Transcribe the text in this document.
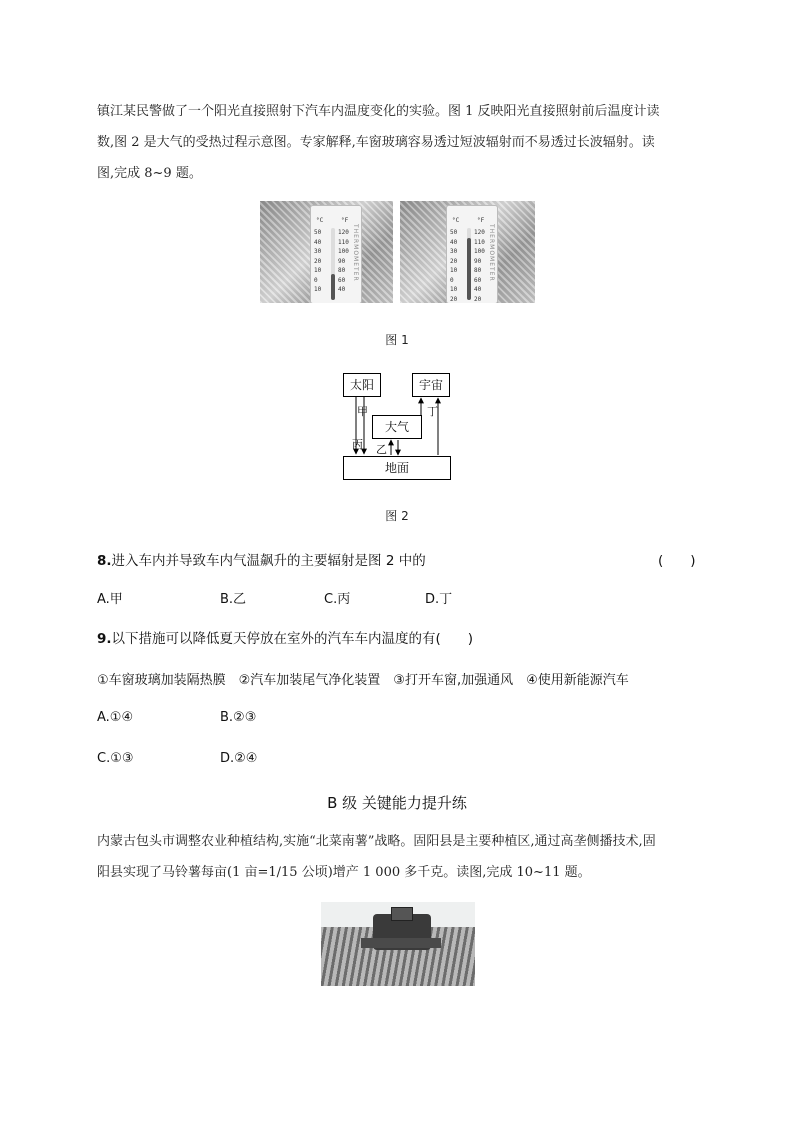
镇江某民警做了一个阳光直接照射下汽车内温度变化的实验。图 1 反映阳光直接照射前后温度计读
数,图 2 是大气的受热过程示意图。专家解释,车窗玻璃容易透过短波辐射而不易透过长波辐射。读
图,完成 8~9 题。
°C	°F
50
40
30
20
10
0
10
120
110
100
90
80
60
40
THERMOMETER
°C	°F
50
40
30
20
10
0
10
20
120
110
100
90
80
60
40
20
THERMOMETER
图 1
太阳	宇宙
大气
地面
甲
丙 乙
丁
图 2
8.进入车内并导致车内气温飙升的主要辐射是图 2 中的	(　　)
A.甲	B.乙	C.丙	D.丁
9.以下措施可以降低夏天停放在室外的汽车车内温度的有(　　)
①车窗玻璃加装隔热膜　②汽车加装尾气净化装置　③打开车窗,加强通风　④使用新能源汽车
A.①④	B.②③
C.①③	D.②④
B 级 关键能力提升练
内蒙古包头市调整农业种植结构,实施“北菜南薯”战略。固阳县是主要种植区,通过高垄侧播技术,固
阳县实现了马铃薯每亩(1 亩=1/15 公顷)增产 1 000 多千克。读图,完成 10~11 题。
